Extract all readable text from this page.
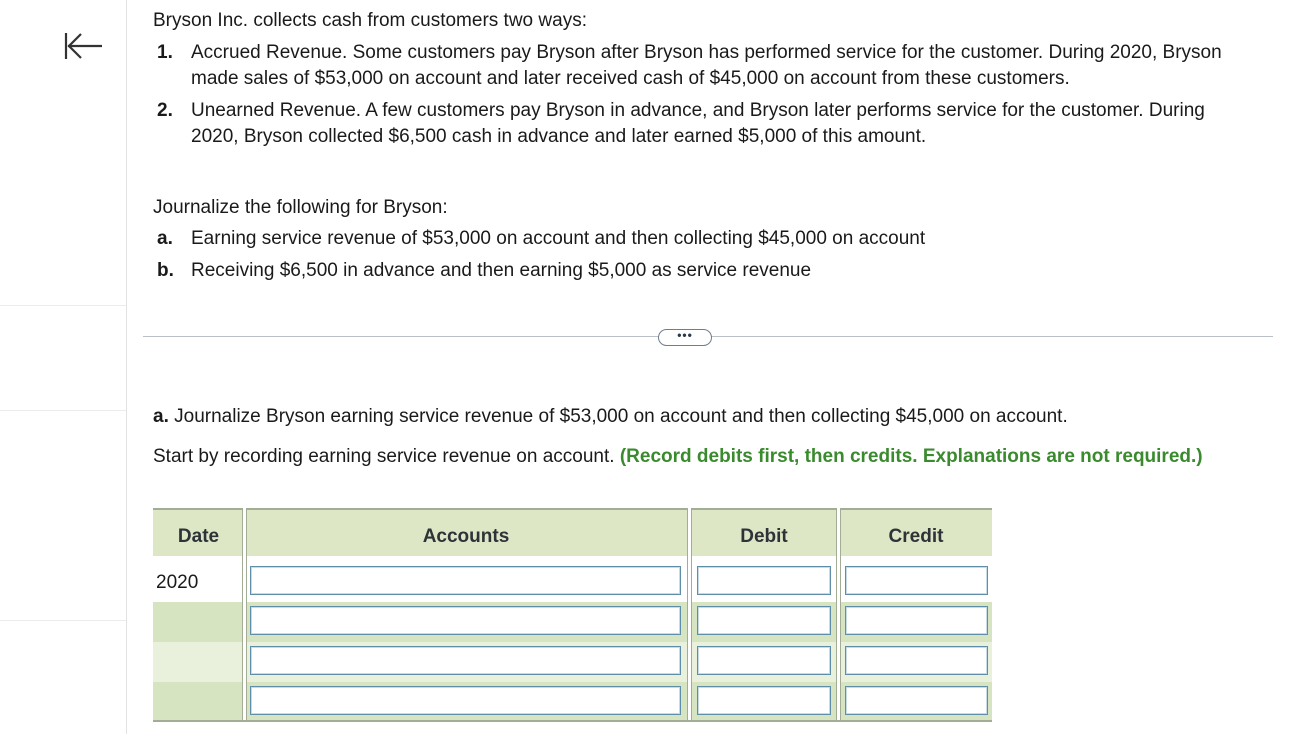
Bryson Inc. collects cash from customers two ways:
1. Accrued Revenue. Some customers pay Bryson after Bryson has performed service for the customer. During 2020, Bryson made sales of $53,000 on account and later received cash of $45,000 on account from these customers.
2. Unearned Revenue. A few customers pay Bryson in advance, and Bryson later performs service for the customer. During 2020, Bryson collected $6,500 cash in advance and later earned $5,000 of this amount.
Journalize the following for Bryson:
a. Earning service revenue of $53,000 on account and then collecting $45,000 on account
b. Receiving $6,500 in advance and then earning $5,000 as service revenue
•••
a. Journalize Bryson earning service revenue of $53,000 on account and then collecting $45,000 on account.
Start by recording earning service revenue on account. (Record debits first, then credits. Explanations are not required.)
Date	Accounts	Debit	Credit
2020
